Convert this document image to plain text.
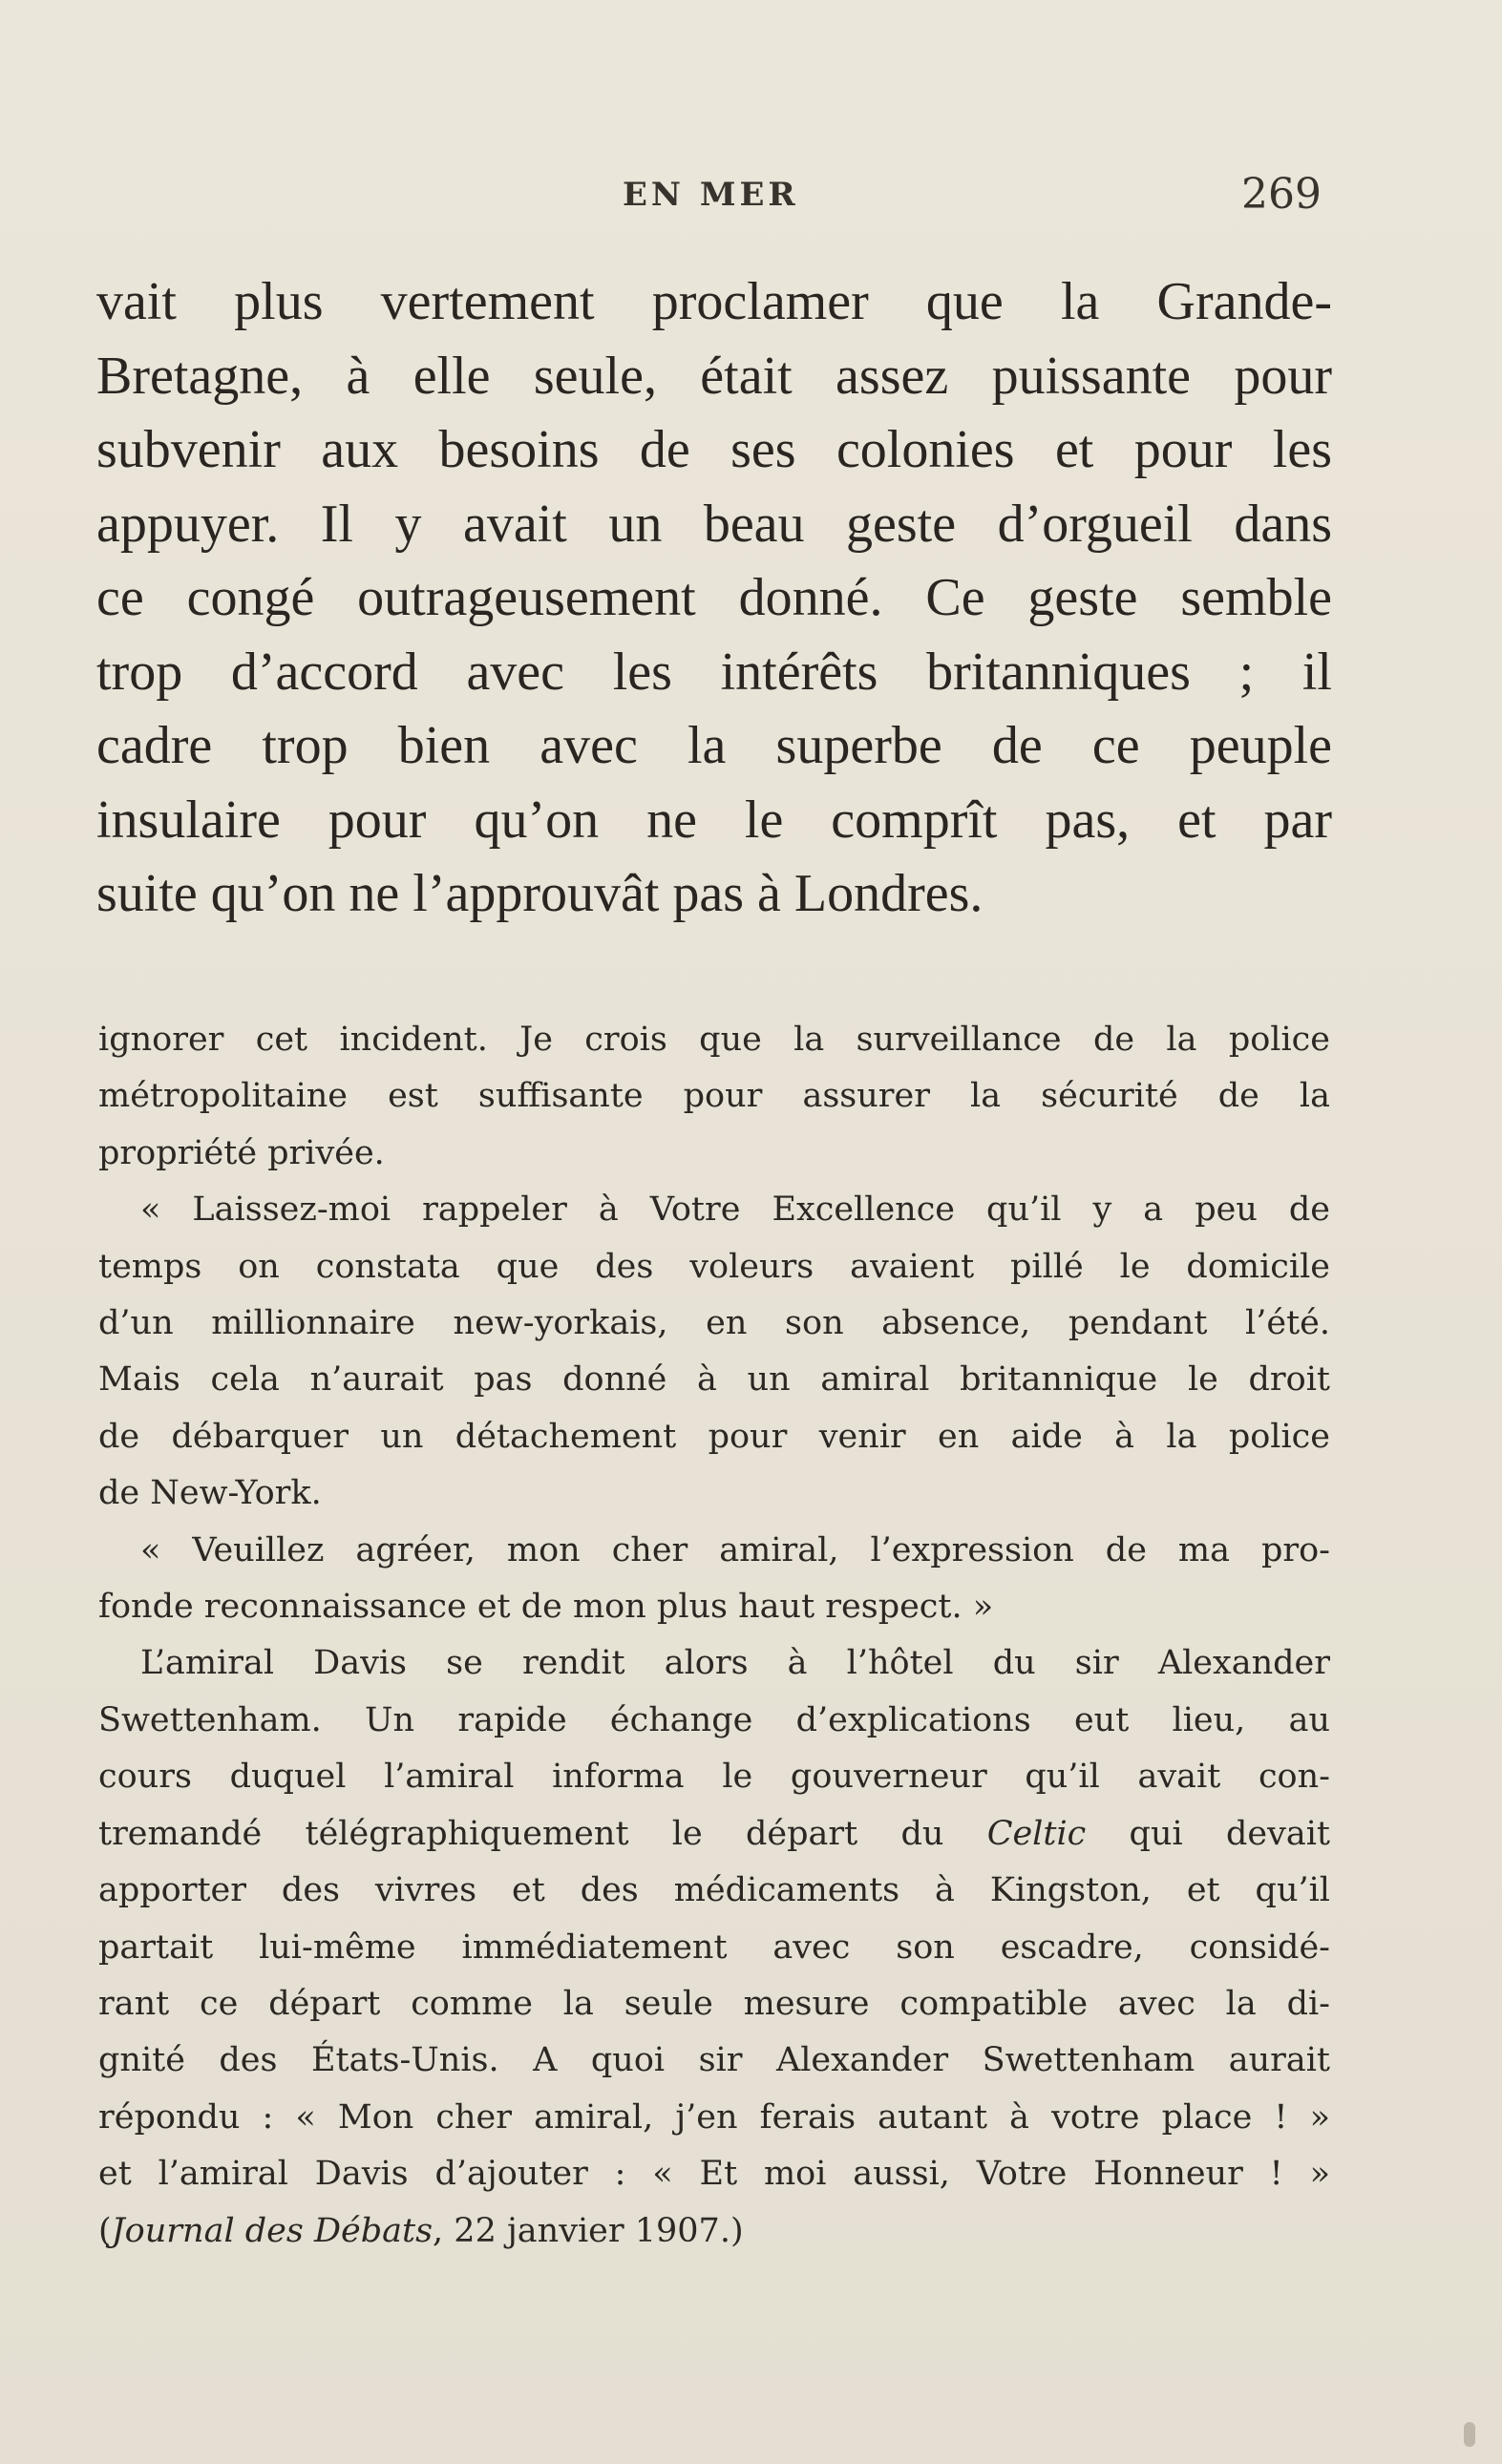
EN MER	269
vait plus vertement proclamer que la Grande-
Bretagne, à elle seule, était assez puissante pour
subvenir aux besoins de ses colonies et pour les
appuyer. Il y avait un beau geste d’orgueil dans
ce congé outrageusement donné. Ce geste semble
trop d’accord avec les intérêts britanniques ; il
cadre trop bien avec la superbe de ce peuple
insulaire pour qu’on ne le comprît pas, et par
suite qu’on ne l’approuvât pas à Londres.
ignorer cet incident. Je crois que la surveillance de la police
métropolitaine est suffisante pour assurer la sécurité de la
propriété privée.
« Laissez-moi rappeler à Votre Excellence qu’il y a peu de
temps on constata que des voleurs avaient pillé le domicile
d’un millionnaire new-yorkais, en son absence, pendant l’été.
Mais cela n’aurait pas donné à un amiral britannique le droit
de débarquer un détachement pour venir en aide à la police
de New-York.
« Veuillez agréer, mon cher amiral, l’expression de ma pro-
fonde reconnaissance et de mon plus haut respect. »
L’amiral Davis se rendit alors à l’hôtel du sir Alexander
Swettenham. Un rapide échange d’explications eut lieu, au
cours duquel l’amiral informa le gouverneur qu’il avait con-
tremandé télégraphiquement le départ du Celtic qui devait
apporter des vivres et des médicaments à Kingston, et qu’il
partait lui-même immédiatement avec son escadre, considé-
rant ce départ comme la seule mesure compatible avec la di-
gnité des États-Unis. A quoi sir Alexander Swettenham aurait
répondu : « Mon cher amiral, j’en ferais autant à votre place ! »
et l’amiral Davis d’ajouter : « Et moi aussi, Votre Honneur ! »
(Journal des Débats, 22 janvier 1907.)
